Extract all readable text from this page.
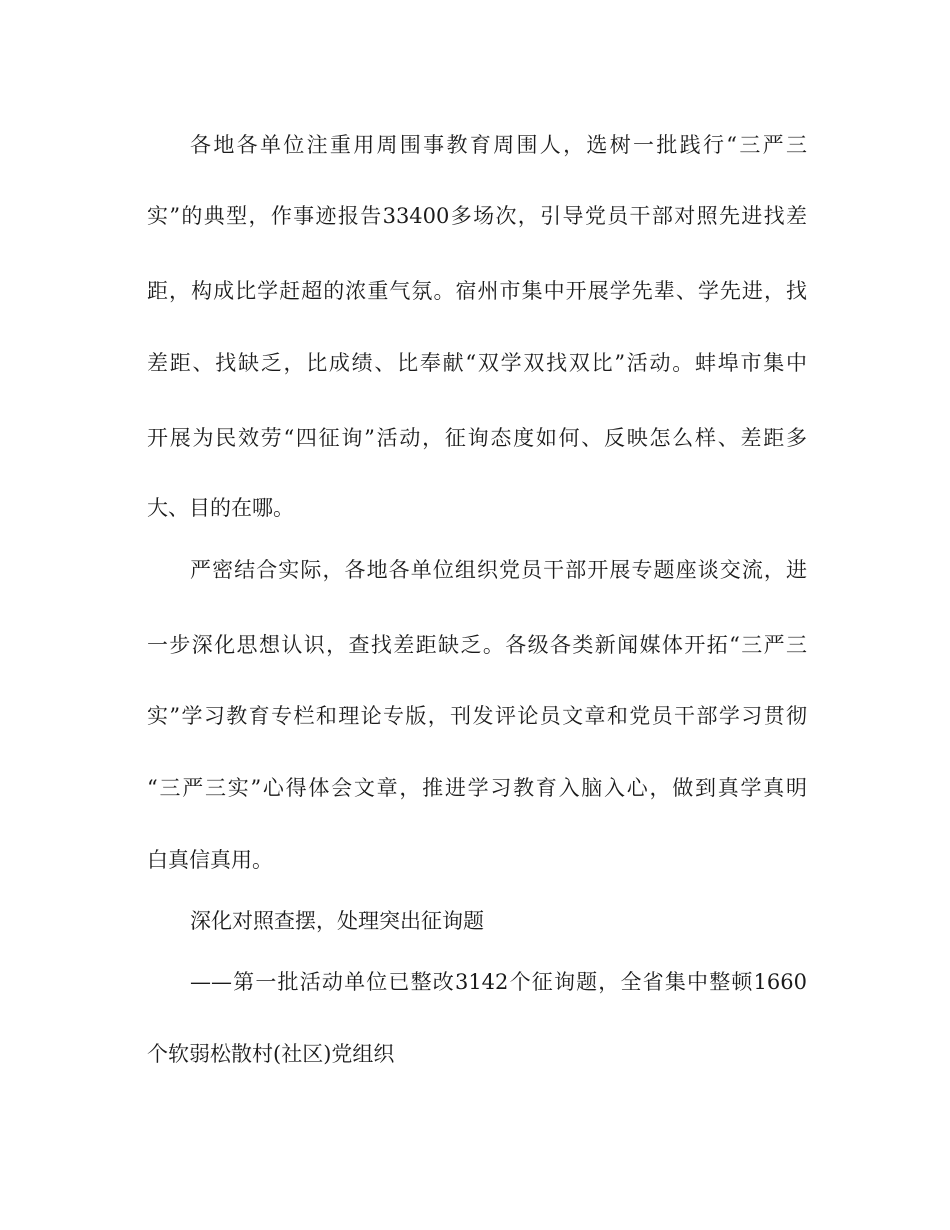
各地各单位注重用周围事教育周围人，选树一批践行“三严三
实”的典型，作事迹报告33400多场次，引导党员干部对照先进找差
距，构成比学赶超的浓重气氛。宿州市集中开展学先辈、学先进，找
差距、找缺乏，比成绩、比奉献“双学双找双比”活动。蚌埠市集中
开展为民效劳“四征询”活动，征询态度如何、反映怎么样、差距多
大、目的在哪。
严密结合实际，各地各单位组织党员干部开展专题座谈交流，进
一步深化思想认识，查找差距缺乏。各级各类新闻媒体开拓“三严三
实”学习教育专栏和理论专版，刊发评论员文章和党员干部学习贯彻
“三严三实”心得体会文章，推进学习教育入脑入心，做到真学真明
白真信真用。
深化对照查摆，处理突出征询题
——第一批活动单位已整改3142个征询题，全省集中整顿1660
个软弱松散村(社区)党组织
